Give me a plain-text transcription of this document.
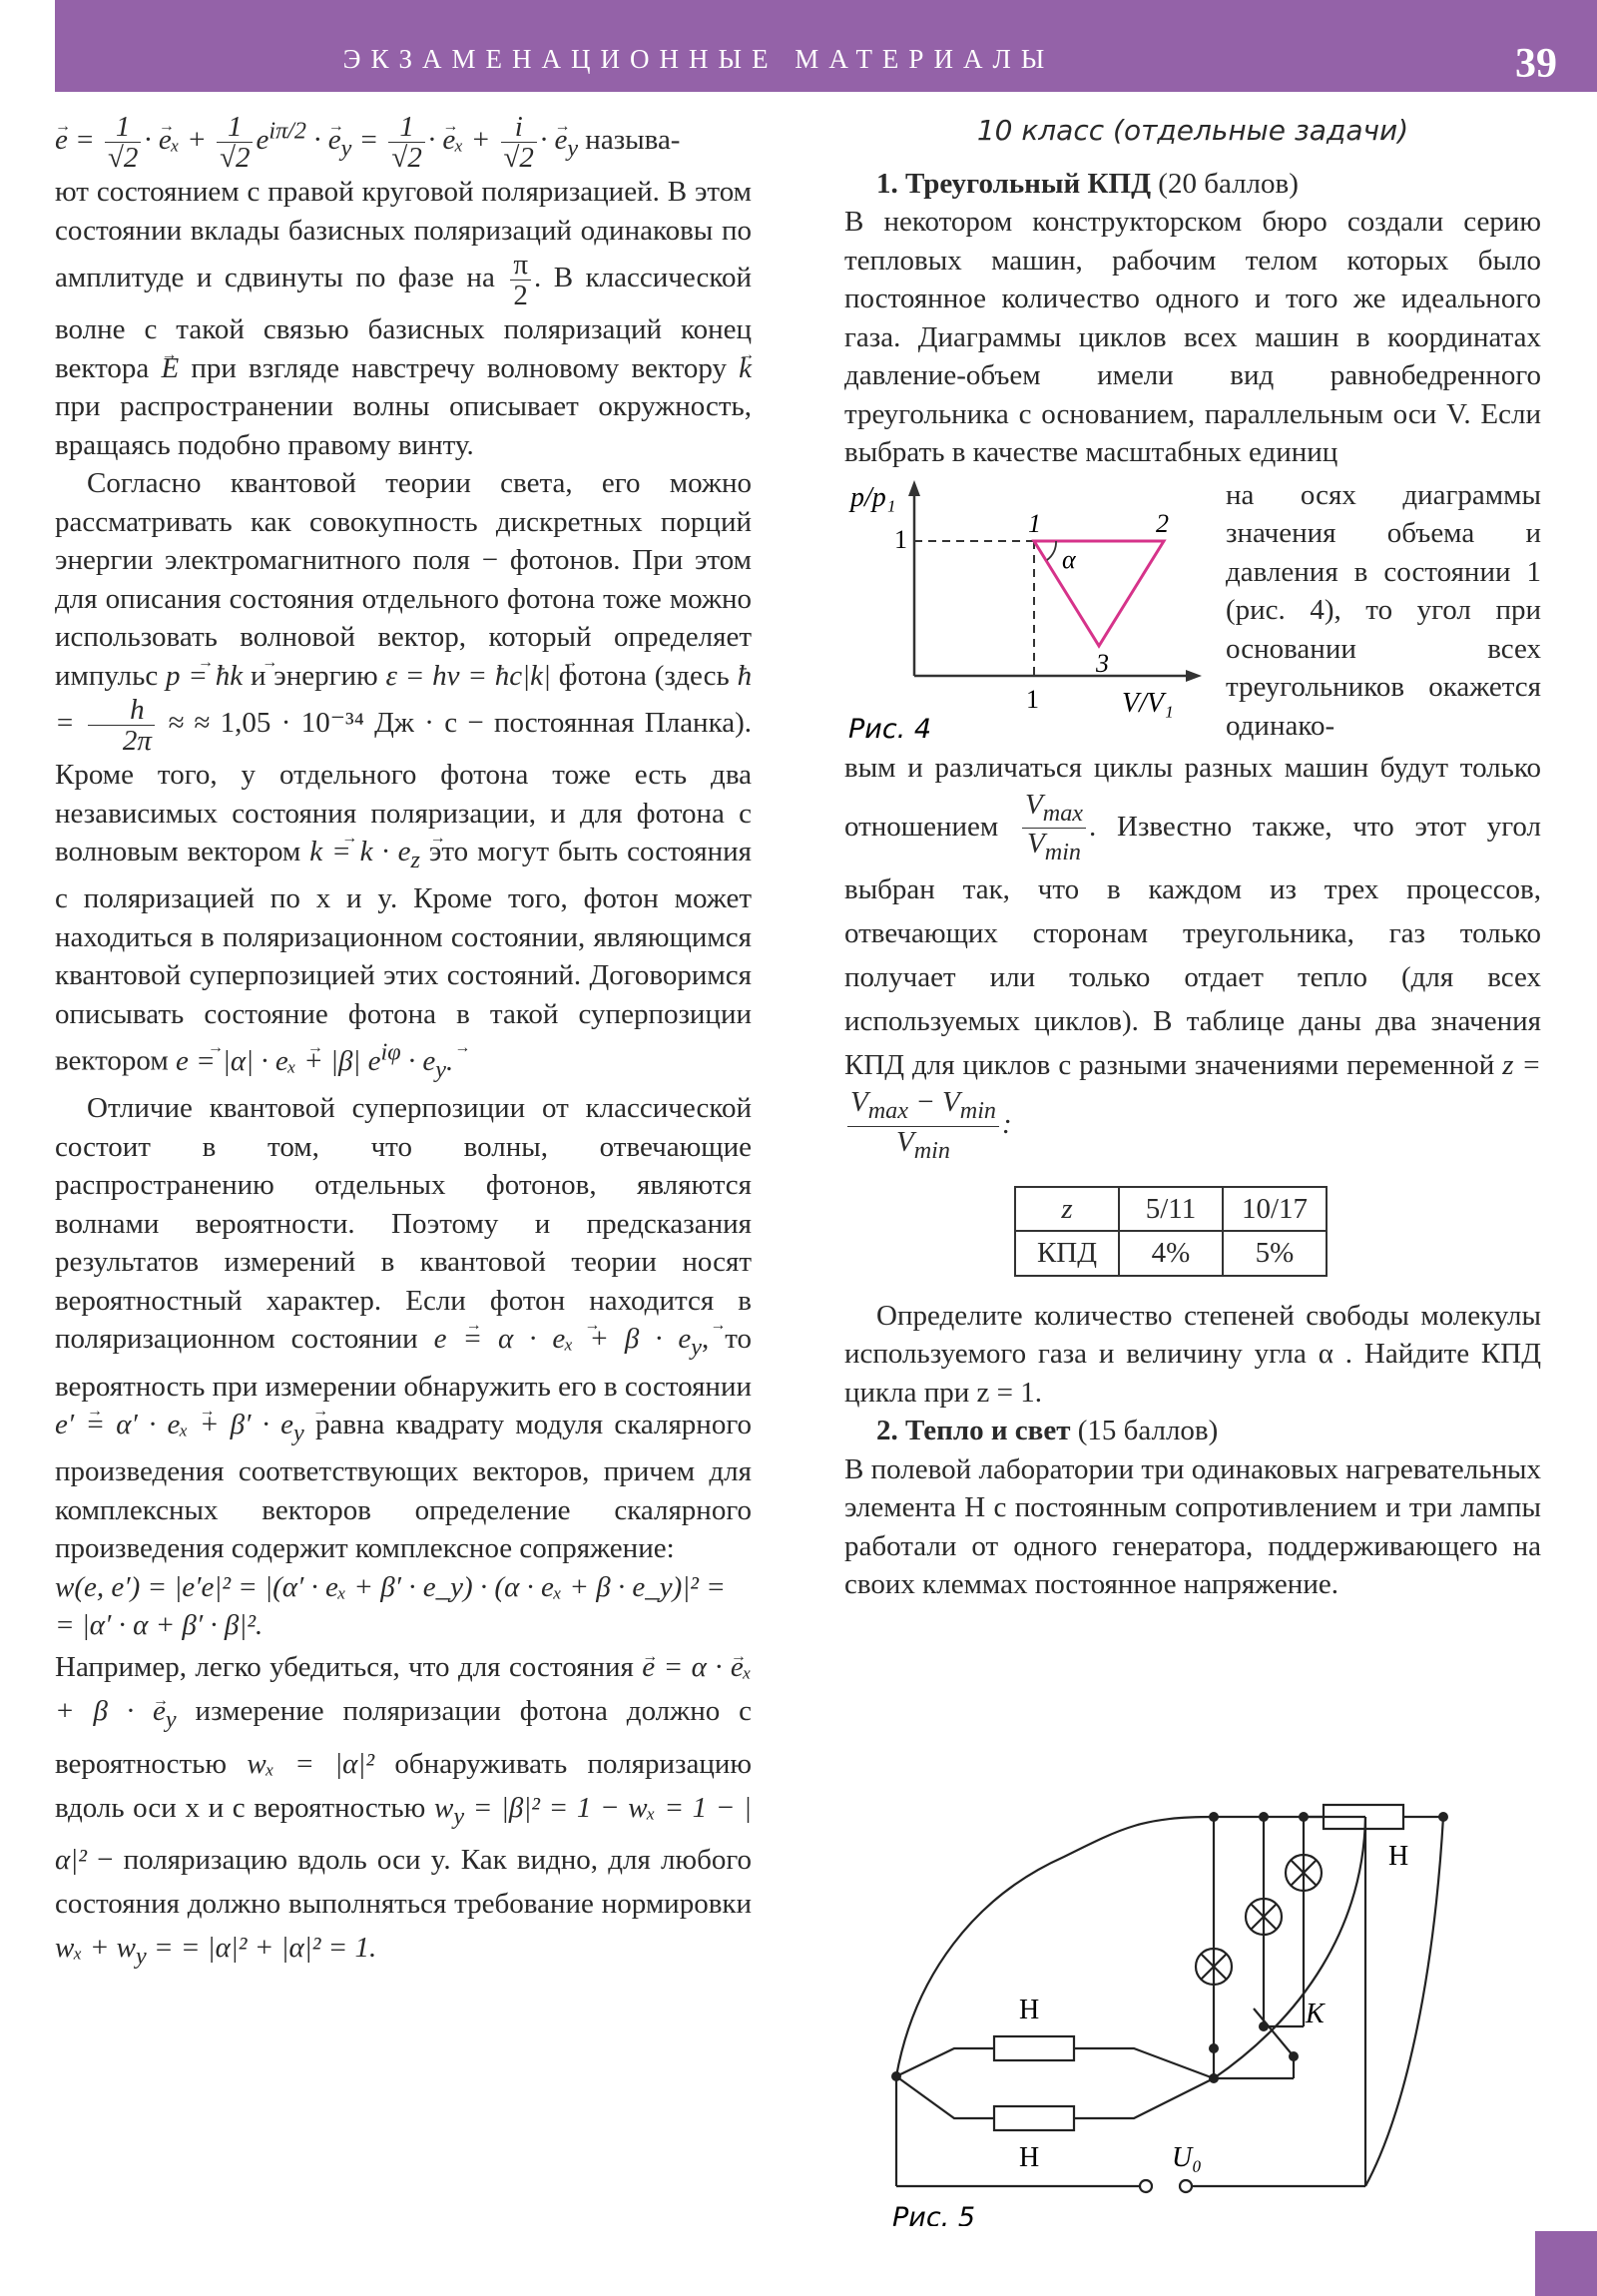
ЭКЗАМЕНАЦИОННЫЕ МАТЕРИАЛЫ	39

→ $e = \frac{1}{√2}$ · → $e_x + \frac{1}{√2} e^{i\pi/2}$ · → $e_y = \frac{1}{√2}$ · → $e_x + \frac{i}{√2}$ · → $e_y$ называ-

ют состоянием с правой круговой поляризацией. В этом состоянии вклады базисных поляризаций одинаковы по амплитуде и сдвинуты по фазе на $\frac{\pi}{2}$ . В классической волне с такой связью базисных поляризаций конец вектора → E при взгляде навстречу волновому вектору → k при распространении волны описывает окружность, вращаясь подобно правому винту.

Согласно квантовой теории света, его можно рассматривать как совокупность дискретных порций энергии электромагнитного поля − фотонов. При этом для описания состояния отдельного фотона тоже можно использовать волновой вектор, который определяет импульс → p = ħ→ k и энергию ε = hν = ħc|→ k| фотона (здесь ħ = $\frac{h}{2\pi}$ ≈ ≈ 1,05 · 10⁻³⁴ Дж · с − постоянная Планка). Кроме того, у отдельного фотона тоже есть два независимых состояния поляризации, и для фотона с волновым вектором → k = k · → $e_z$ это могут быть состояния с поляризацией по x и y. Кроме того, фотон может находиться в поляризационном состоянии, являющимся квантовой суперпозицией этих состояний. Договоримся описывать состояние фотона в такой суперпозиции вектором → e = |α| · → eₓ + |β| $e^{i\varphi}$ · → $e_y$.

Отличие квантовой суперпозиции от классической состоит в том, что волны, отвечающие распространению отдельных фотонов, являются волнами вероятности. Поэтому и предсказания результатов измерений в квантовой теории носят вероятностный характер. Если фотон находится в поляризационном состоянии → e = α · → eₓ + β · → $e_y$, то вероятность при измерении обнаружить его в состоянии → e′ = α′ · → eₓ + β′ · → $e_y$ равна квадрату модуля скалярного произведения соответствующих векторов, причем для комплексных векторов определение скалярного произведения содержит комплексное сопряжение:

w(e, e′) = |e′e|² = |(α′ · eₓ + β′ · e_y) · (α · eₓ + β · e_y)|² =

= |α′ · α + β′ · β|².

Например, легко убедиться, что для состояния → e = α · → eₓ + β · → $e_y$ измерение поляризации фотона должно с вероятностью wₓ = |α|² обнаруживать поляризацию вдоль оси x и с вероятностью $w_y = |\beta|^2 = 1 - w_x = 1 - |\alpha|^2$ − поляризацию вдоль оси y. Как видно, для любого состояния должно выполняться требование нормировки $w_x + w_y$ = = |α|² + |α|² = 1.

10 класс (отдельные задачи)

1. Треугольный КПД (20 баллов)

В некотором конструкторском бюро создали серию тепловых машин, рабочим телом которых было постоянное количество одного и того же идеального газа. Диаграммы циклов всех машин в координатах давление-объем имели вид равнобедренного треугольника с основанием, параллельным оси V. Если выбрать в качестве масштабных единиц

p/p₁
1
1	V/V₁
1	2
3
α
Рис. 4
на осях диаграммы значения объема и давления в состоянии 1 (рис. 4), то угол при основании всех треугольников окажется одинако-

вым и различаться циклы разных машин будут только отношением $\frac{V_{max}}{V_{min}}$ . Известно также, что этот угол выбран так, что в каждом из трех процессов, отвечающих сторонам треугольника, газ только получает или только отдает тепло (для всех используемых циклов). В таблице даны два значения КПД для циклов с разными значениями переменной z =
$\frac{V_{max} - V_{min}}{V_{min}}$ :

z	5/11	10/17
КПД	4%	5%

Определите количество степеней свободы молекулы используемого газа и величину угла α . Найдите КПД цикла при z = 1.

2. Тепло и свет (15 баллов)

В полевой лаборатории три одинаковых нагревательных элемента Н с постоянным сопротивлением и три лампы работали от одного генератора, поддерживающего на своих клеммах постоянное напряжение.

Н
Н
Н
K
U₀
Рис. 5
